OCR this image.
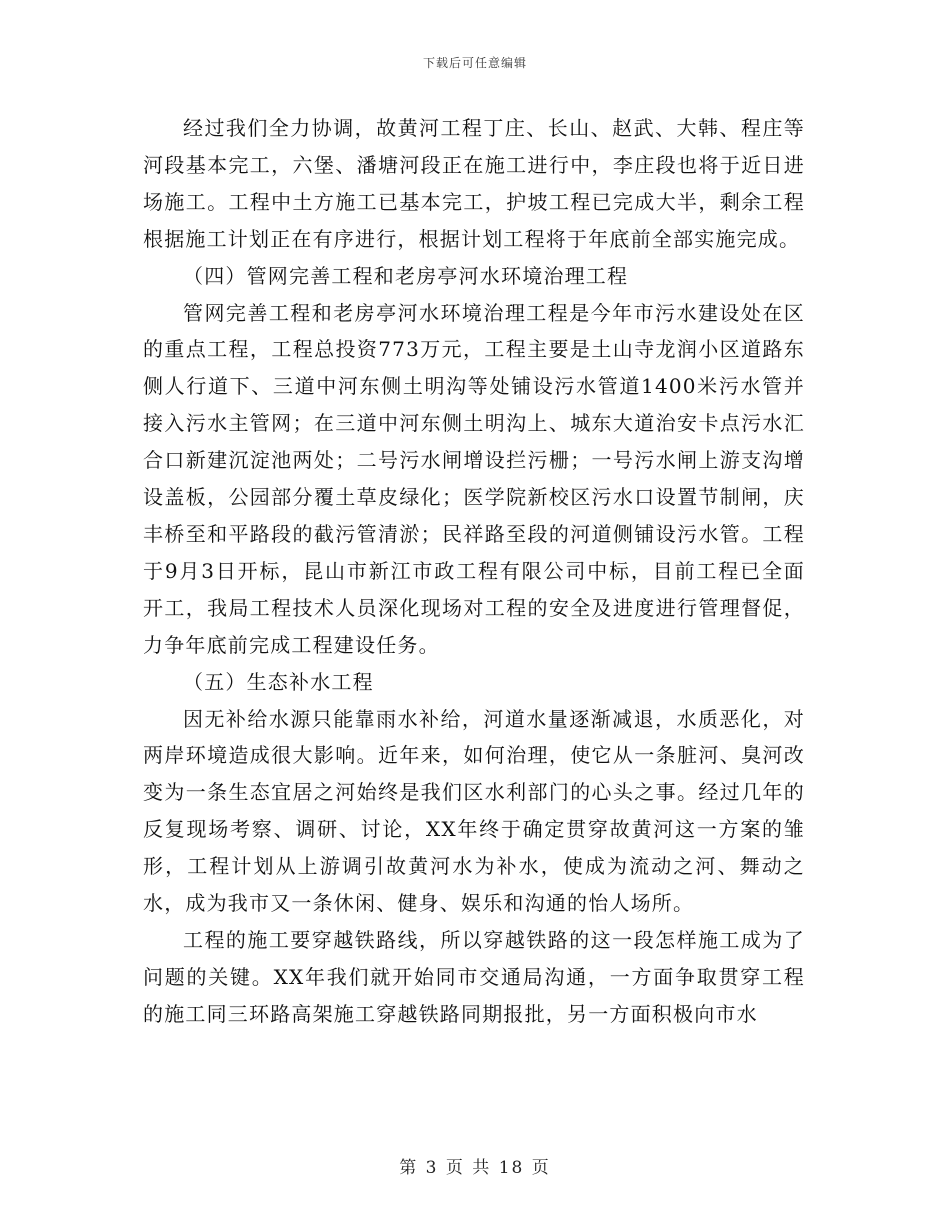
下载后可任意编辑

经过我们全力协调，故黄河工程丁庄、长山、赵武、大韩、程庄等河段基本完工，六堡、潘塘河段正在施工进行中，李庄段也将于近日进场施工。工程中土方施工已基本完工，护坡工程已完成大半，剩余工程根据施工计划正在有序进行，根据计划工程将于年底前全部实施完成。

（四）管网完善工程和老房亭河水环境治理工程

管网完善工程和老房亭河水环境治理工程是今年市污水建设处在区的重点工程，工程总投资773万元，工程主要是土山寺龙润小区道路东侧人行道下、三道中河东侧土明沟等处铺设污水管道1400米污水管并接入污水主管网；在三道中河东侧土明沟上、城东大道治安卡点污水汇合口新建沉淀池两处；二号污水闸增设拦污栅；一号污水闸上游支沟增设盖板，公园部分覆土草皮绿化；医学院新校区污水口设置节制闸，庆丰桥至和平路段的截污管清淤；民祥路至段的河道侧铺设污水管。工程于9月3日开标，昆山市新江市政工程有限公司中标，目前工程已全面开工，我局工程技术人员深化现场对工程的安全及进度进行管理督促，力争年底前完成工程建设任务。

（五）生态补水工程

因无补给水源只能靠雨水补给，河道水量逐渐减退，水质恶化，对两岸环境造成很大影响。近年来，如何治理，使它从一条脏河、臭河改变为一条生态宜居之河始终是我们区水利部门的心头之事。经过几年的反复现场考察、调研、讨论，XX年终于确定贯穿故黄河这一方案的雏形，工程计划从上游调引故黄河水为补水，使成为流动之河、舞动之水，成为我市又一条休闲、健身、娱乐和沟通的怡人场所。

工程的施工要穿越铁路线，所以穿越铁路的这一段怎样施工成为了问题的关键。XX年我们就开始同市交通局沟通，一方面争取贯穿工程的施工同三环路高架施工穿越铁路同期报批，另一方面积极向市水

第 3 页 共 18 页
